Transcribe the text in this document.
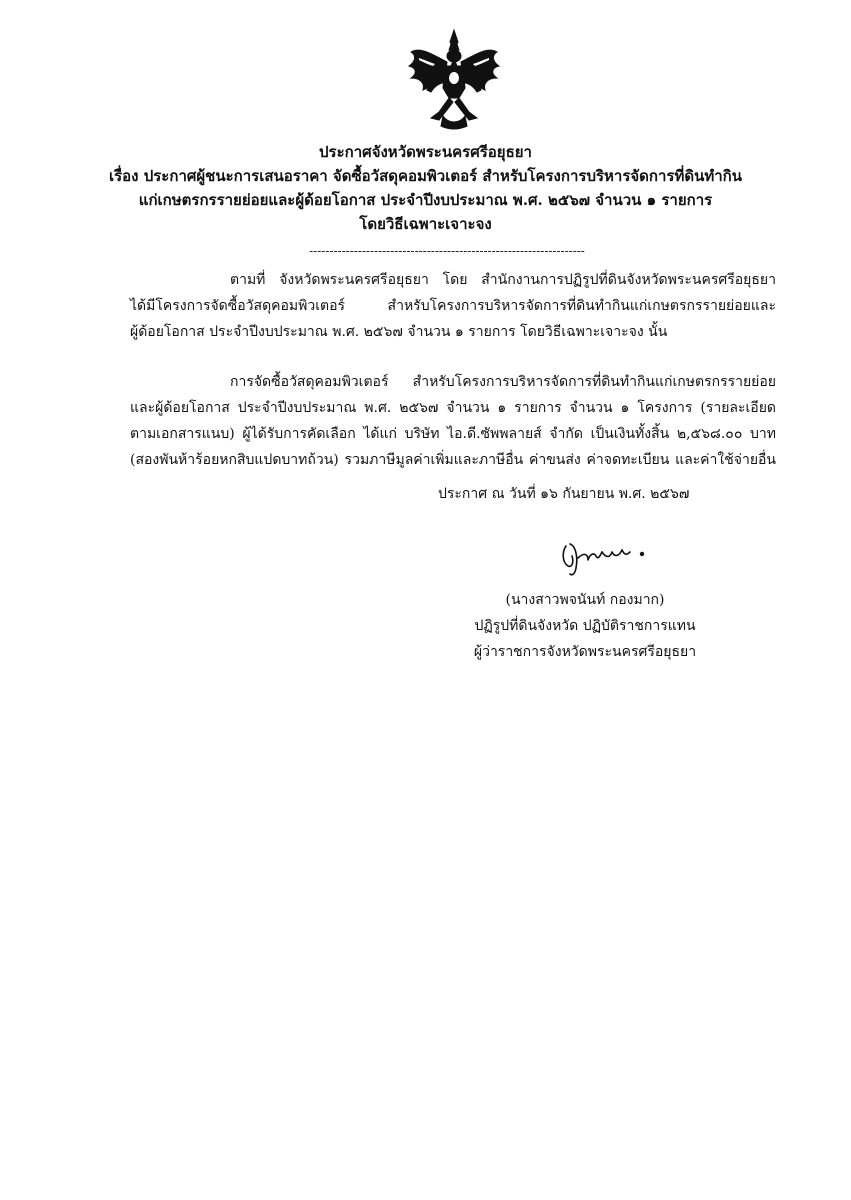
ประกาศจังหวัดพระนครศรีอยุธยา
เรื่อง ประกาศผู้ชนะการเสนอราคา จัดซื้อวัสดุคอมพิวเตอร์ สำหรับโครงการบริหารจัดการที่ดินทำกิน
แก่เกษตรกรรายย่อยและผู้ด้อยโอกาส ประจำปีงบประมาณ พ.ศ. ๒๕๖๗ จำนวน ๑ รายการ
โดยวิธีเฉพาะเจาะจง
--------------------------------------------------------------------
ตามที่ จังหวัดพระนครศรีอยุธยา โดย สำนักงานการปฏิรูปที่ดินจังหวัดพระนครศรีอยุธยา
ได้มีโครงการจัดซื้อวัสดุคอมพิวเตอร์ สำหรับโครงการบริหารจัดการที่ดินทำกินแก่เกษตรกรรายย่อยและ
ผู้ด้อยโอกาส ประจำปีงบประมาณ พ.ศ. ๒๕๖๗ จำนวน ๑ รายการ โดยวิธีเฉพาะเจาะจง นั้น
การจัดซื้อวัสดุคอมพิวเตอร์ สำหรับโครงการบริหารจัดการที่ดินทำกินแก่เกษตรกรรายย่อย
และผู้ด้อยโอกาส ประจำปีงบประมาณ พ.ศ. ๒๕๖๗ จำนวน ๑ รายการ จำนวน ๑ โครงการ (รายละเอียด
ตามเอกสารแนบ) ผู้ได้รับการคัดเลือก ได้แก่ บริษัท ไอ.ดี.ซัพพลายส์ จำกัด เป็นเงินทั้งสิ้น ๒,๕๖๘.๐๐ บาท
(สองพันห้าร้อยหกสิบแปดบาทถ้วน) รวมภาษีมูลค่าเพิ่มและภาษีอื่น ค่าขนส่ง ค่าจดทะเบียน และค่าใช้จ่ายอื่น
ประกาศ ณ วันที่ ๑๖ กันยายน พ.ศ. ๒๕๖๗
(นางสาวพจนันท์ กองมาก)
ปฏิรูปที่ดินจังหวัด ปฏิบัติราชการแทน
ผู้ว่าราชการจังหวัดพระนครศรีอยุธยา
